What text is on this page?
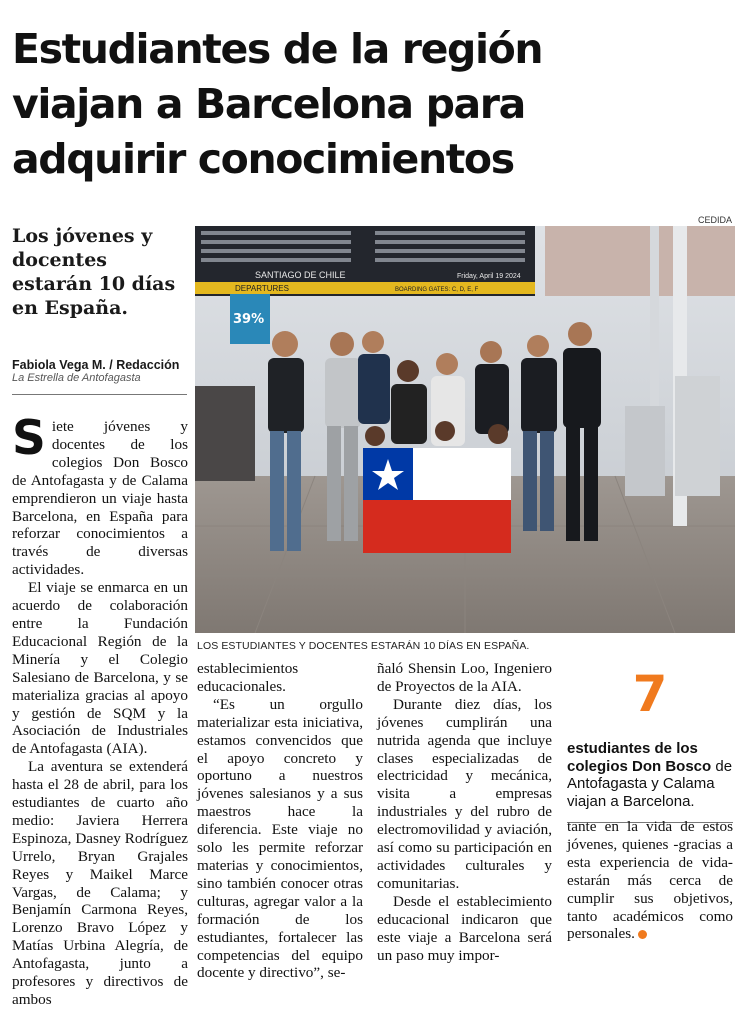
Estudiantes de la región
viajan a Barcelona para
adquirir conocimientos
CEDIDA

Los jóvenes y docentes estarán 10 días en España.

Fabiola Vega M. / Redacción
La Estrella de Antofagasta

Siete jóvenes y docentes de los colegios Don Bosco de Antofagasta y de Calama emprendieron un viaje hasta Barcelona, en España para reforzar conocimientos a través de diversas actividades.

El viaje se enmarca en un acuerdo de colaboración entre la Fundación Educacional Región de la Minería y el Colegio Salesiano de Barcelona, y se materializa gracias al apoyo y gestión de SQM y la Asociación de Industriales de Antofagasta (AIA).

La aventura se extenderá hasta el 28 de abril, para los estudiantes de cuarto año medio: Javiera Herrera Espinoza, Dasney Rodríguez Urrelo, Bryan Grajales Reyes y Maikel Marce Vargas, de Calama; y Benjamín Carmona Reyes, Lorenzo Bravo López y Matías Urbina Alegría, de Antofagasta, junto a profesores y directivos de ambos

SANTIAGO DE CHILE	Friday, April 19 2024
DEPARTURES	BOARDING GATES: C, D, E, F
39%
LOS ESTUDIANTES Y DOCENTES ESTARÁN 10 DÍAS EN ESPAÑA.

establecimientos educacionales.

“Es un orgullo materializar esta iniciativa, estamos convencidos que el apoyo concreto y oportuno a nuestros jóvenes salesianos y a sus maestros hace la diferencia. Este viaje no solo les permite reforzar materias y conocimientos, sino también conocer otras culturas, agregar valor a la formación de los estudiantes, fortalecer las competencias del equipo docente y directivo”, se-

ñaló Shensin Loo, Ingeniero de Proyectos de la AIA.

Durante diez días, los jóvenes cumplirán una nutrida agenda que incluye clases especializadas de electricidad y mecánica, visita a empresas industriales y del rubro de electromovilidad y aviación, así como su participación en actividades culturales y comunitarias.

Desde el establecimiento educacional indicaron que este viaje a Barcelona será un paso muy impor-

7
estudiantes de los colegios Don Bosco de Antofagasta y Calama viajan a Barcelona.

tante en la vida de estos jóvenes, quienes -gracias a esta experiencia de vida- estarán más cerca de cumplir sus objetivos, tanto académicos como personales.
